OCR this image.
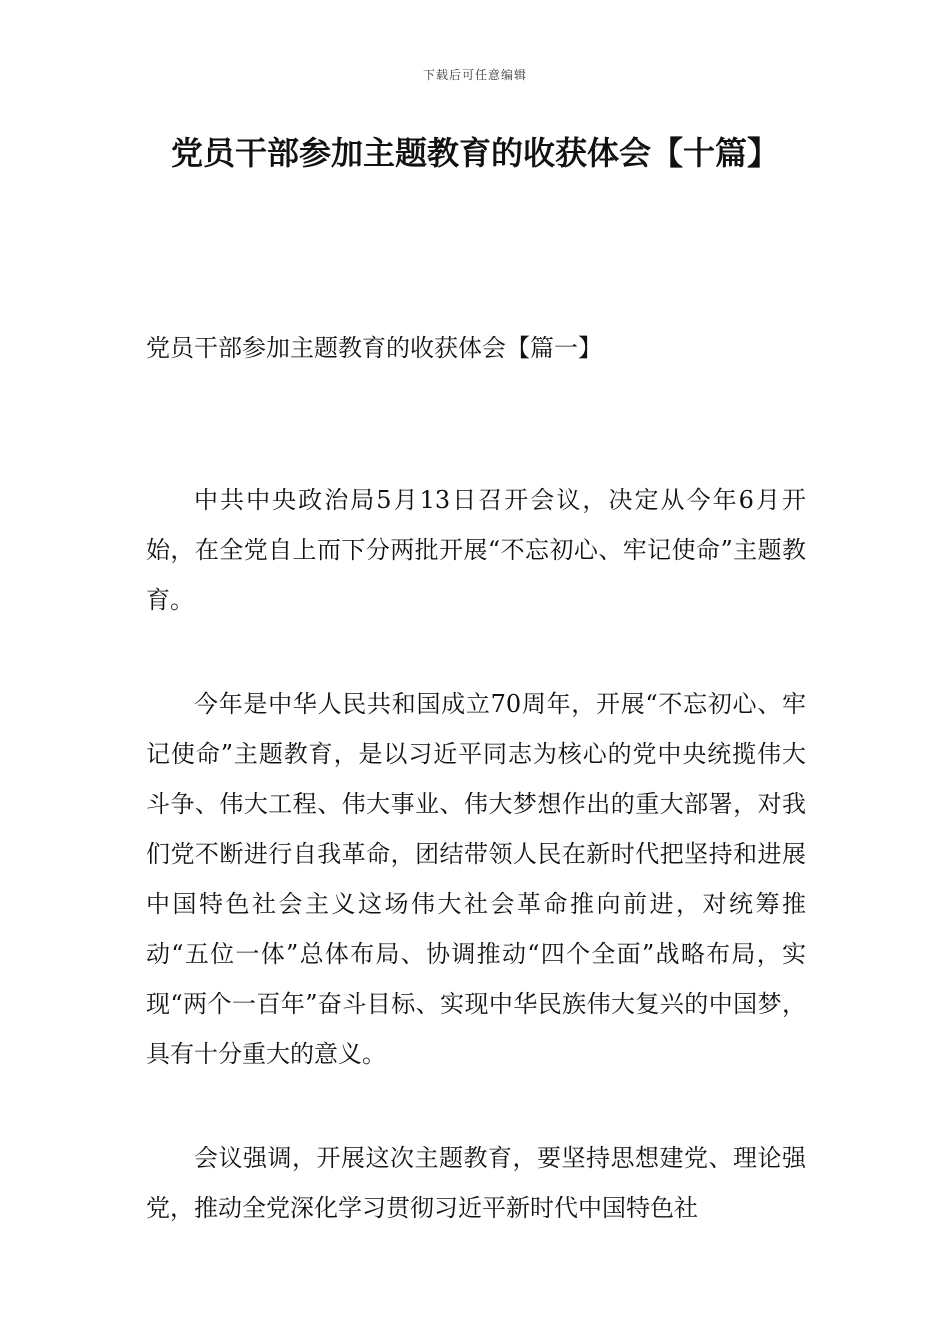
下载后可任意编辑
党员干部参加主题教育的收获体会【十篇】
党员干部参加主题教育的收获体会【篇一】

中共中央政治局5月13日召开会议，决定从今年6月开始，在全党自上而下分两批开展“不忘初心、牢记使命”主题教育。

今年是中华人民共和国成立70周年，开展“不忘初心、牢记使命”主题教育，是以习近平同志为核心的党中央统揽伟大斗争、伟大工程、伟大事业、伟大梦想作出的重大部署，对我们党不断进行自我革命，团结带领人民在新时代把坚持和进展中国特色社会主义这场伟大社会革命推向前进，对统筹推动“五位一体”总体布局、协调推动“四个全面”战略布局，实现“两个一百年”奋斗目标、实现中华民族伟大复兴的中国梦，具有十分重大的意义。

会议强调，开展这次主题教育，要坚持思想建党、理论强党，推动全党深化学习贯彻习近平新时代中国特色社
